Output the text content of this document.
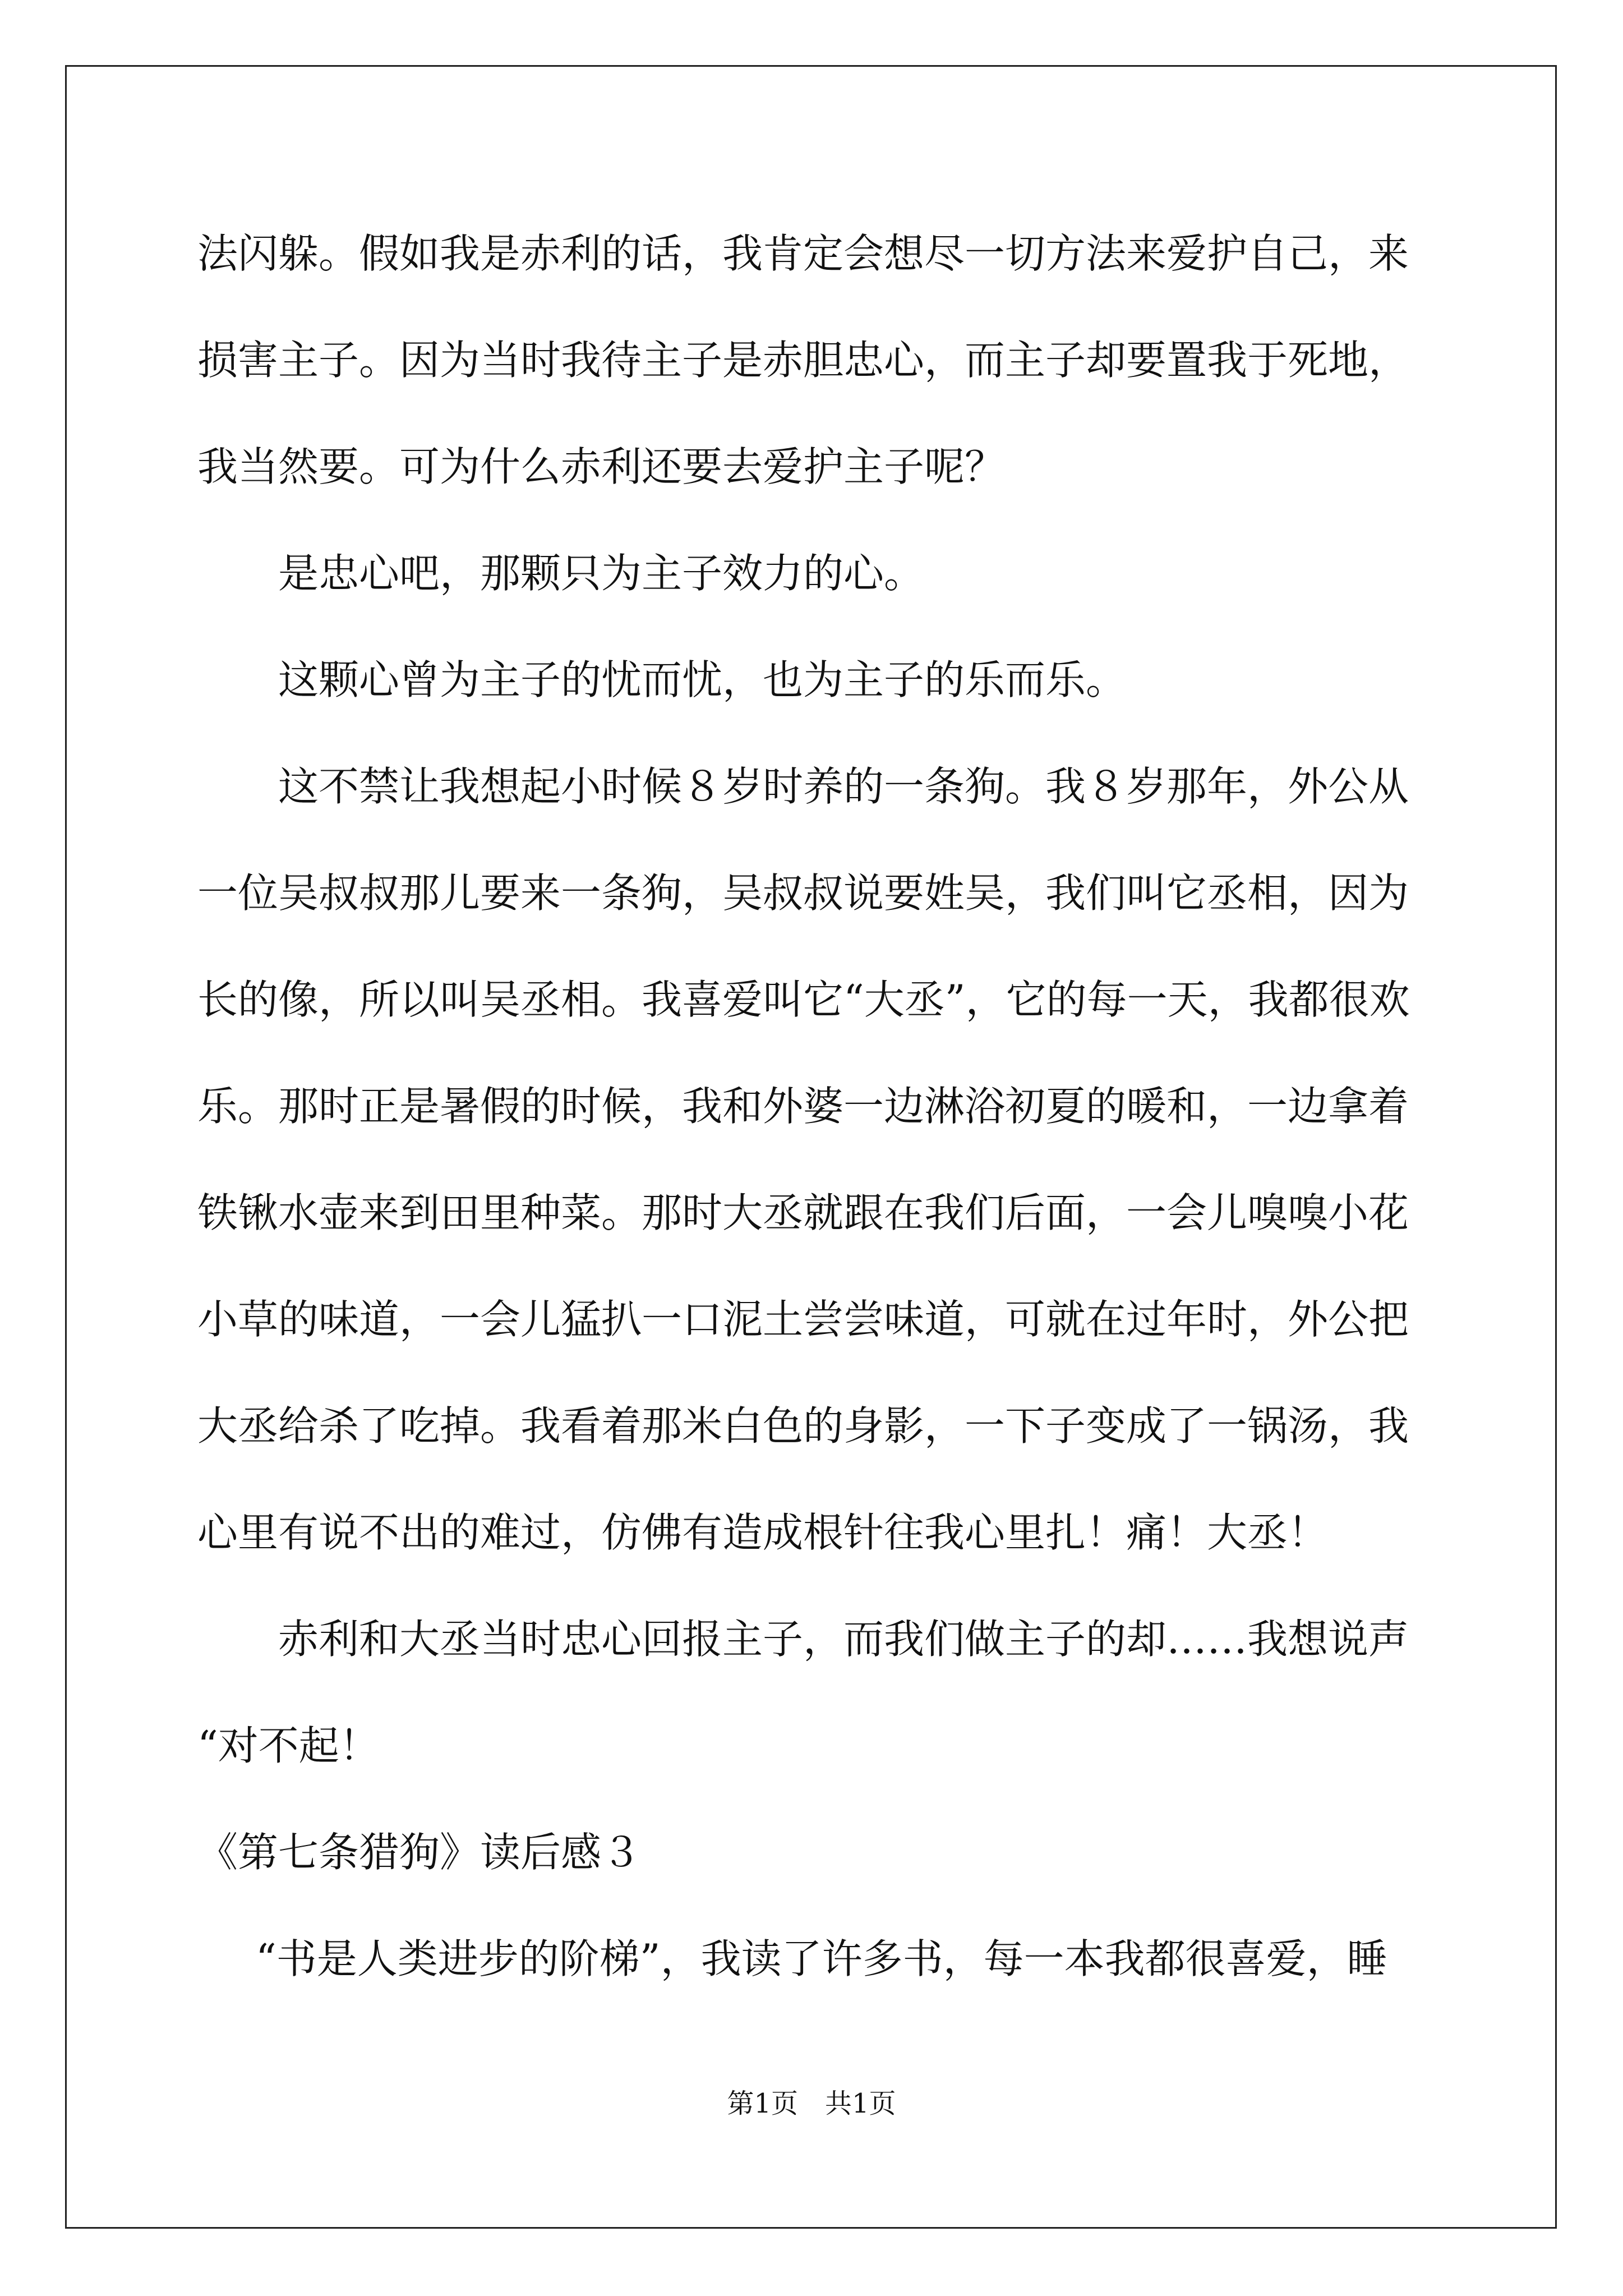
法闪躲。假如我是赤利的话，我肯定会想尽一切方法来爱护自己，来
损害主子。因为当时我待主子是赤胆忠心，而主子却要置我于死地，
我当然要。可为什么赤利还要去爱护主子呢？
是忠心吧，那颗只为主子效力的心。
这颗心曾为主子的忧而忧，也为主子的乐而乐。
这不禁让我想起小时候８岁时养的一条狗。我８岁那年，外公从
一位吴叔叔那儿要来一条狗，吴叔叔说要姓吴，我们叫它丞相，因为
长的像，所以叫吴丞相。我喜爱叫它“大丞”，它的每一天，我都很欢
乐。那时正是暑假的时候，我和外婆一边淋浴初夏的暖和，一边拿着
铁锹水壶来到田里种菜。那时大丞就跟在我们后面，一会儿嗅嗅小花
小草的味道，一会儿猛扒一口泥土尝尝味道，可就在过年时，外公把
大丞给杀了吃掉。我看着那米白色的身影，一下子变成了一锅汤，我
心里有说不出的难过，仿佛有造成根针往我心里扎！痛！大丞！
赤利和大丞当时忠心回报主子，而我们做主子的却……我想说声
“对不起！
《第七条猎狗》读后感３
“书是人类进步的阶梯”，我读了许多书，每一本我都很喜爱，睡
第1页　共1页
